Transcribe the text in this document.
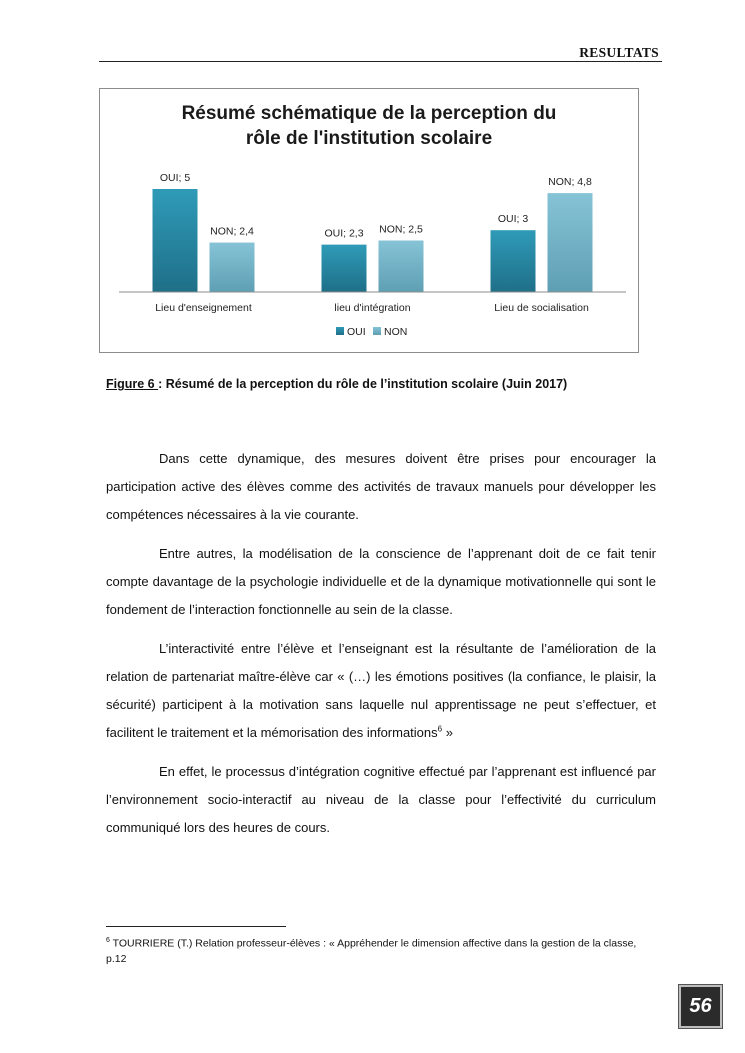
RESULTATS
Résumé schématique de la perception du
rôle de l'institution scolaire
OUI; 5
NON; 2,4
Lieu d'enseignement
OUI; 2,3 NON; 2,5
lieu d'intégration
OUI; 3
NON; 4,8
Lieu de socialisation
OUI NON
Figure 6 : Résumé de la perception du rôle de l’institution scolaire (Juin 2017)

Dans cette dynamique, des mesures doivent être prises pour encourager la participation active des élèves comme des activités de travaux manuels pour développer les compétences nécessaires à la vie courante.

Entre autres, la modélisation de la conscience de l’apprenant doit de ce fait tenir compte davantage de la psychologie individuelle et de la dynamique motivationnelle qui sont le fondement de l’interaction fonctionnelle au sein de la classe.

L’interactivité entre l’élève et l’enseignant est la résultante de l’amélioration de la relation de partenariat maître-élève car « (…) les émotions positives (la confiance, le plaisir, la sécurité) participent à la motivation sans laquelle nul apprentissage ne peut s’effectuer, et facilitent le traitement et la mémorisation des informations$^6$ »

En effet, le processus d’intégration cognitive effectué par l’apprenant est influencé par l’environnement socio-interactif au niveau de la classe pour l’effectivité du curriculum communiqué lors des heures de cours.

$^6$ TOURRIERE (T.) Relation professeur-élèves : « Appréhender le dimension affective dans la gestion de la classe, p.12
56
